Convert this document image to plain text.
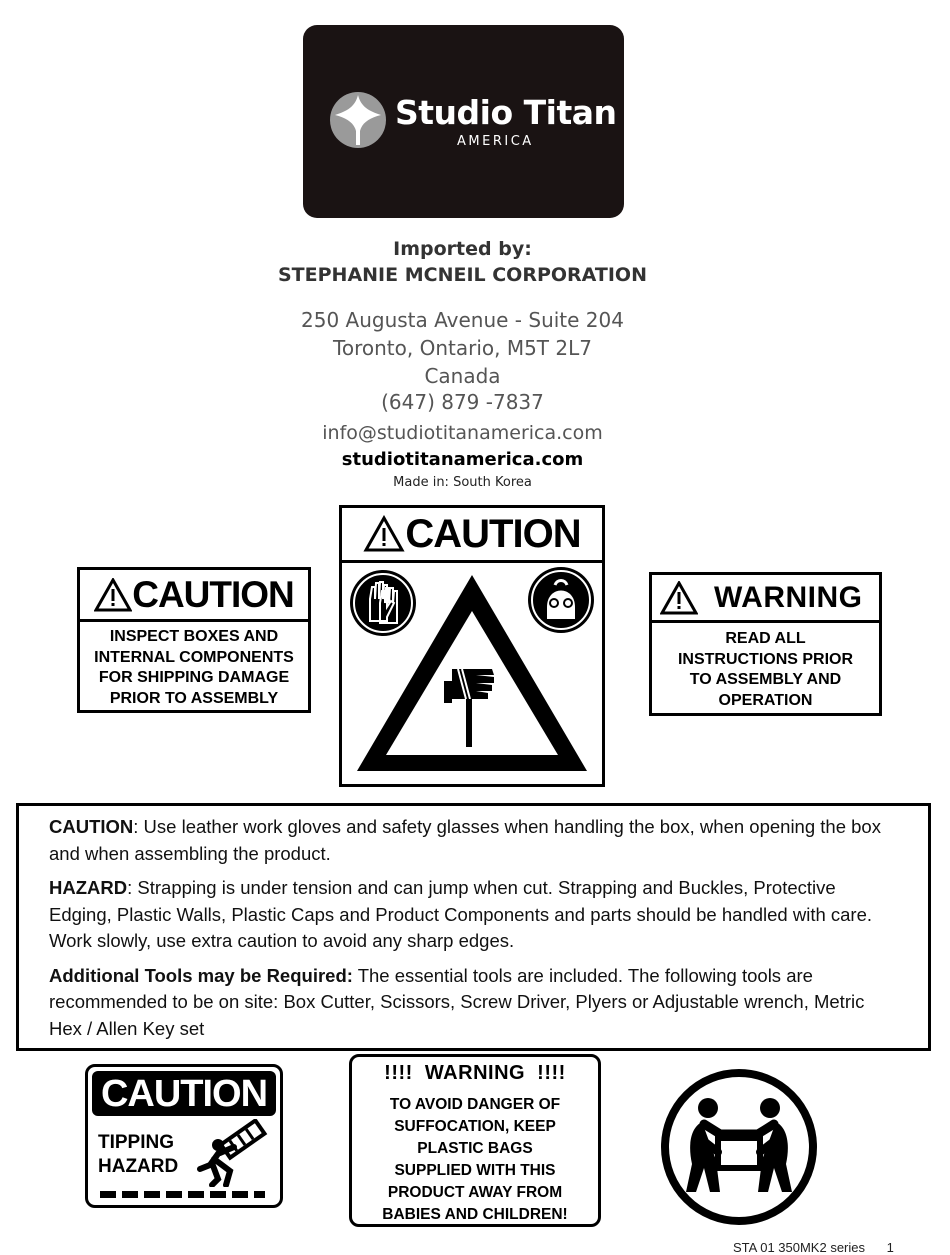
Studio Titan
AMERICA
Imported by:
STEPHANIE MCNEIL CORPORATION
250 Augusta Avenue - Suite 204
Toronto, Ontario, M5T 2L7
Canada
(647) 879 -7837
info@studiotitanamerica.com
studiotitanamerica.com
Made in: South Korea
CAUTION
INSPECT BOXES AND
INTERNAL COMPONENTS
FOR SHIPPING DAMAGE
PRIOR TO ASSEMBLY
CAUTION
WARNING
READ ALL
INSTRUCTIONS PRIOR
TO ASSEMBLY AND
OPERATION

CAUTION: Use leather work gloves and safety glasses when handling the box, when opening the box and when assembling the product.

HAZARD: Strapping is under tension and can jump when cut. Strapping and Buckles, Protective Edging, Plastic Walls, Plastic Caps and Product Components and parts should be handled with care. Work slowly, use extra caution to avoid any sharp edges.

Additional Tools may be Required: The essential tools are included. The following tools are recommended to be on site: Box Cutter, Scissors, Screw Driver, Plyers or Adjustable wrench, Metric Hex / Allen Key set

CAUTION
TIPPING
HAZARD
!!!!  WARNING  !!!!
TO AVOID DANGER OF
SUFFOCATION, KEEP
PLASTIC BAGS
SUPPLIED WITH THIS
PRODUCT AWAY FROM
BABIES AND CHILDREN!
STA 01 350MK2 series 1
